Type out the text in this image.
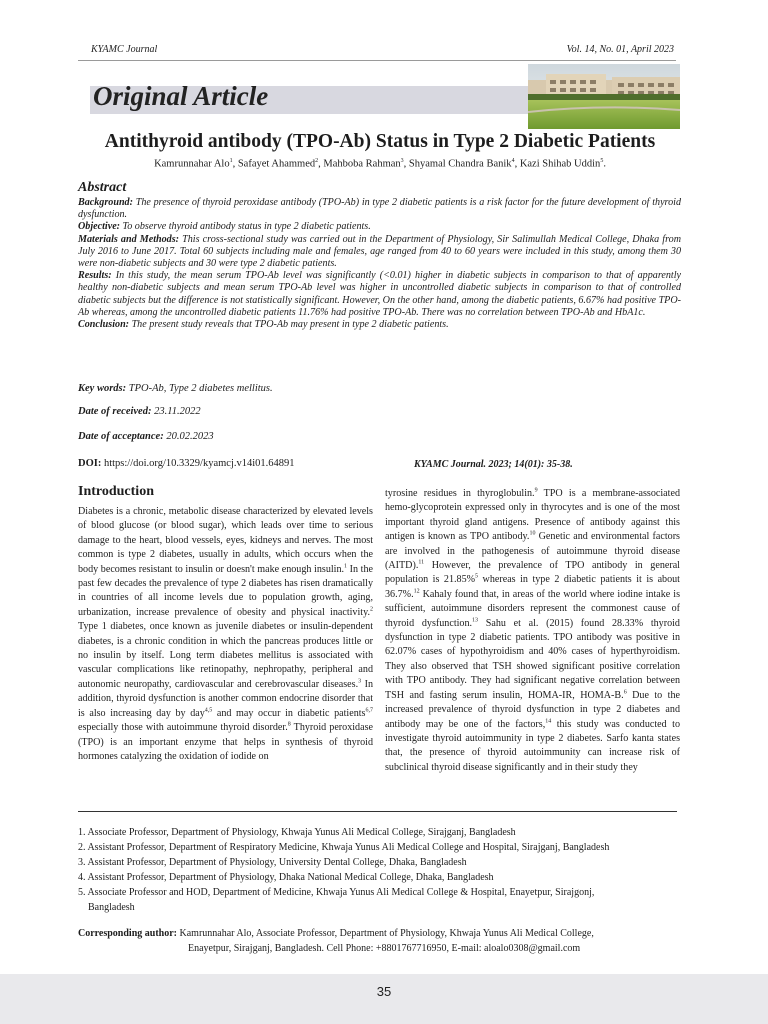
KYAMC Journal	Vol. 14, No. 01, April 2023
Original Article
Antithyroid antibody (TPO-Ab) Status in Type 2 Diabetic Patients
Kamrunnahar Alo$^1$, Safayet Ahammed$^2$, Mahboba Rahman$^3$, Shyamal Chandra Banik$^4$, Kazi Shihab Uddin$^5$.
Abstract

Background: The presence of thyroid peroxidase antibody (TPO-Ab) in type 2 diabetic patients is a risk factor for the future development of thyroid dysfunction.

Objective: To observe thyroid antibody status in type 2 diabetic patients.

Materials and Methods: This cross-sectional study was carried out in the Department of Physiology, Sir Salimullah Medical College, Dhaka from July 2016 to June 2017. Total 60 subjects including male and females, age ranged from 40 to 60 years were included in this study, among them 30 were non-diabetic subjects and 30 were type 2 diabetic patients.

Results: In this study, the mean serum TPO-Ab level was significantly (<0.01) higher in diabetic subjects in comparison to that of apparently healthy non-diabetic subjects and mean serum TPO-Ab level was higher in uncontrolled diabetic subjects in comparison to that of controlled diabetic subjects but the difference is not statistically significant. However, On the other hand, among the diabetic patients, 6.67% had positive TPO-Ab whereas, among the uncontrolled diabetic patients 11.76% had positive TPO-Ab. There was no correlation between TPO-Ab and HbA1c.

Conclusion: The present study reveals that TPO-Ab may present in type 2 diabetic patients.

Key words: TPO-Ab, Type 2 diabetes mellitus.
Date of received: 23.11.2022
Date of acceptance: 20.02.2023
DOI: https://doi.org/10.3329/kyamcj.v14i01.64891	KYAMC Journal. 2023; 14(01): 35-38.
Introduction
Diabetes is a chronic, metabolic disease characterized by elevated levels of blood glucose (or blood sugar), which leads over time to serious damage to the heart, blood vessels, eyes, kidneys and nerves. The most common is type 2 diabetes, usually in adults, which occurs when the body becomes resistant to insulin or doesn't make enough insulin.$^1$ In the past few decades the prevalence of type 2 diabetes has risen dramatically in countries of all income levels due to population growth, aging, urbanization, increase prevalence of obesity and physical inactivity.$^2$ Type 1 diabetes, once known as juvenile diabetes or insulin-dependent diabetes, is a chronic condition in which the pancreas produces little or no insulin by itself. Long term diabetes mellitus is associated with vascular complications like retinopathy, nephropathy, peripheral and autonomic neuropathy, cardiovascular and cerebrovascular diseases.$^3$ In addition, thyroid dysfunction is another common endocrine disorder that is also increasing day by day$^{4,5}$ and may occur in diabetic patients$^{6,7}$ especially those with autoimmune thyroid disorder.$^8$ Thyroid peroxidase (TPO) is an important enzyme that helps in synthesis of thyroid hormones catalyzing the oxidation of iodide on
tyrosine residues in thyroglobulin.$^9$ TPO is a membrane-associated hemo-glycoprotein expressed only in thyrocytes and is one of the most important thyroid gland antigens. Presence of antibody against this antigen is known as TPO antibody.$^{10}$ Genetic and environmental factors are involved in the pathogenesis of autoimmune thyroid disease (AITD).$^{11}$ However, the prevalence of TPO antibody in general population is 21.85%$^5$ whereas in type 2 diabetic patients it is about 36.7%.$^{12}$ Kahaly found that, in areas of the world where iodine intake is sufficient, autoimmune disorders represent the commonest cause of thyroid dysfunction.$^{13}$ Sahu et al. (2015) found 28.33% thyroid dysfunction in type 2 diabetic patients. TPO antibody was positive in 62.07% cases of hypothyroidism and 40% cases of hyperthyroidism. They also observed that TSH showed significant positive correlation with TPO antibody. They had significant negative correlation between TSH and fasting serum insulin, HOMA-IR, HOMA-B.$^6$ Due to the increased prevalence of thyroid dysfunction in type 2 diabetes and antibody may be one of the factors,$^{14}$ this study was conducted to investigate thyroid autoimmunity in type 2 diabetes. Sarfo kanta states that, the presence of thyroid autoimmunity can increase risk of subclinical thyroid disease significantly and in their study they
1. Associate Professor, Department of Physiology, Khwaja Yunus Ali Medical College, Sirajganj, Bangladesh
2. Assistant Professor, Department of Respiratory Medicine, Khwaja Yunus Ali Medical College and Hospital, Sirajganj, Bangladesh
3. Assistant Professor, Department of Physiology, University Dental College, Dhaka, Bangladesh
4. Assistant Professor, Department of Physiology, Dhaka National Medical College, Dhaka, Bangladesh
5. Associate Professor and HOD, Department of Medicine, Khwaja Yunus Ali Medical College & Hospital, Enayetpur, Sirajgonj,
Bangladesh
Corresponding author: Kamrunnahar Alo, Associate Professor, Department of Physiology, Khwaja Yunus Ali Medical College,
Enayetpur, Sirajganj, Bangladesh. Cell Phone: +8801767716950, E-mail: aloalo0308@gmail.com
35
